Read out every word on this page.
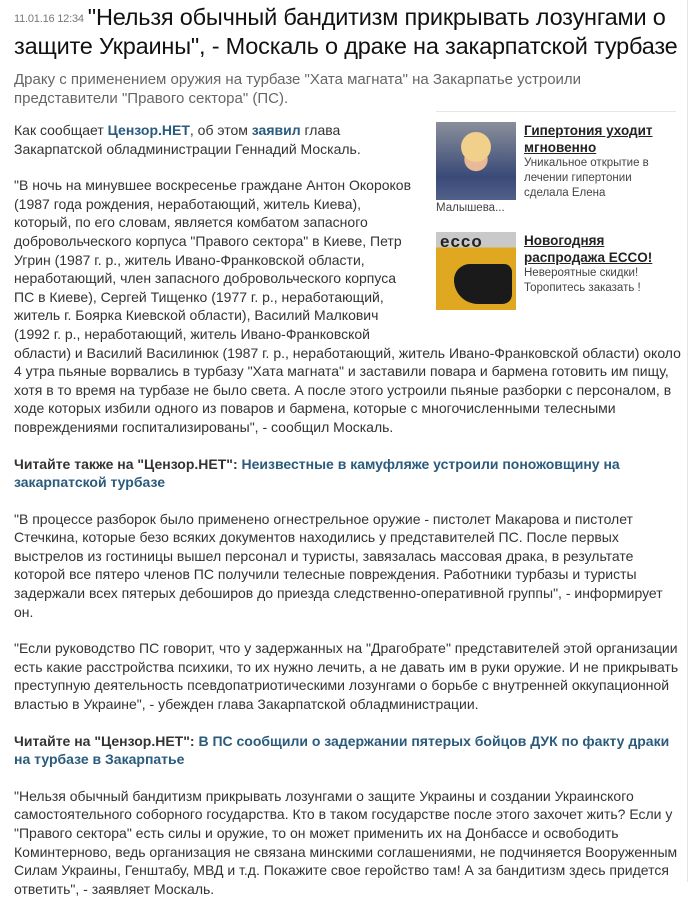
11.01.16 12:34 "Нельзя обычный бандитизм прикрывать лозунгами о защите Украины", - Москаль о драке на закарпатской турбазе
Драку с применением оружия на турбазе "Хата магната" на Закарпатье устроили представители "Правого сектора" (ПС).
Гипертония уходит мгновенно
Уникальное открытие в лечении гипертонии сделала Елена Малышева...
ecco	Новогодняя распродажа ECCO!
Невероятные скидки! Торопитесь заказать !

Как сообщает Цензор.НЕТ, об этом заявил глава Закарпатской обладминистрации Геннадий Москаль.

"В ночь на минувшее воскресенье граждане Антон Окороков (1987 года рождения, неработающий, житель Киева), который, по его словам, является комбатом запасного добровольческого корпуса "Правого сектора" в Киеве, Петр Угрин (1987 г. р., житель Ивано-Франковской области, неработающий, член запасного добровольческого корпуса ПС в Киеве), Сергей Тищенко (1977 г. р., неработающий, житель г. Боярка Киевской области), Василий Малкович (1992 г. р., неработающий, житель Ивано-Франковской области) и Василий Василинюк (1987 г. р., неработающий, житель Ивано-Франковской области) около 4 утра пьяные ворвались в турбазу "Хата магната" и заставили повара и бармена готовить им пищу, хотя в то время на турбазе не было света. А после этого устроили пьяные разборки с персоналом, в ходе которых избили одного из поваров и бармена, которые с многочисленными телесными повреждениями госпитализированы", - сообщил Москаль.

Читайте также на "Цензор.НЕТ": Неизвестные в камуфляже устроили поножовщину на закарпатской турбазе

"В процессе разборок было применено огнестрельное оружие - пистолет Макарова и пистолет Стечкина, которые безо всяких документов находились у представителей ПС. После первых выстрелов из гостиницы вышел персонал и туристы, завязалась массовая драка, в результате которой все пятеро членов ПС получили телесные повреждения. Работники турбазы и туристы задержали всех пятерых дебоширов до приезда следственно-оперативной группы", - информирует он.

"Если руководство ПС говорит, что у задержанных на "Драгобрате" представителей этой организации есть какие расстройства психики, то их нужно лечить, а не давать им в руки оружие. И не прикрывать преступную деятельность псевдопатриотическими лозунгами о борьбе с внутренней оккупационной властью в Украине", - убежден глава Закарпатской обладминистрации.

Читайте на "Цензор.НЕТ": В ПС сообщили о задержании пятерых бойцов ДУК по факту драки на турбазе в Закарпатье

"Нельзя обычный бандитизм прикрывать лозунгами о защите Украины и создании Украинского самостоятельного соборного государства. Кто в таком государстве после этого захочет жить? Если у "Правого сектора" есть силы и оружие, то он может применить их на Донбассе и освободить Коминтерново, ведь организация не связана минскими соглашениями, не подчиняется Вооруженным Силам Украины, Генштабу, МВД и т.д. Покажите свое геройство там! А за бандитизм здесь придется ответить", - заявляет Москаль.
